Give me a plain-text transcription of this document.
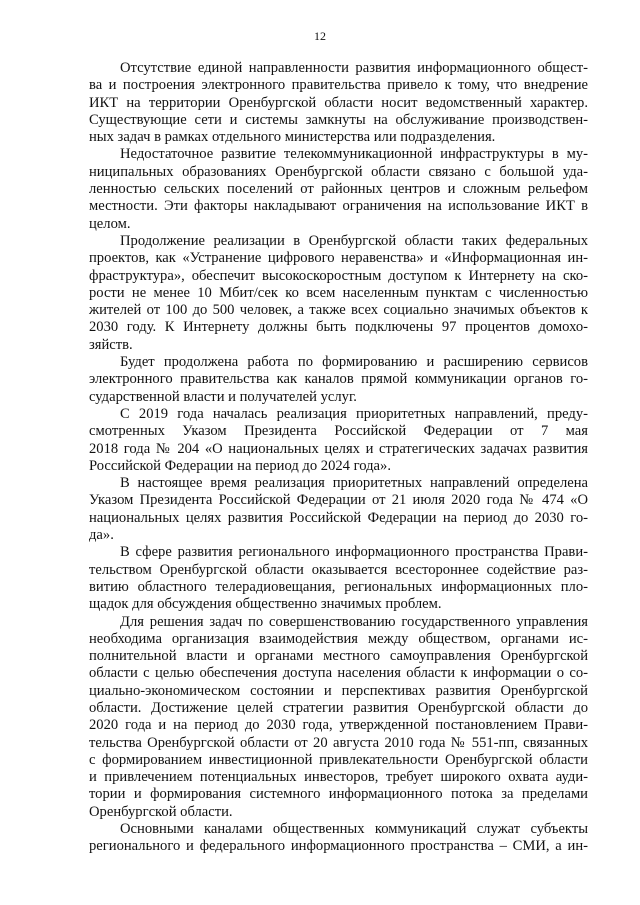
12

Отсутствие единой направленности развития информационного общест-
ва и построения электронного правительства привело к тому, что внедрение
ИКТ на территории Оренбургской области носит ведомственный характер.
Существующие сети и системы замкнуты на обслуживание производствен-
ных задач в рамках отдельного министерства или подразделения.

Недостаточное развитие телекоммуникационной инфраструктуры в му-
ниципальных образованиях Оренбургской области связано с большой уда-
ленностью сельских поселений от районных центров и сложным рельефом
местности. Эти факторы накладывают ограничения на использование ИКТ в
целом.

Продолжение реализации в Оренбургской области таких федеральных
проектов, как «Устранение цифрового неравенства» и «Информационная ин-
фраструктура», обеспечит высокоскоростным доступом к Интернету на ско-
рости не менее 10 Мбит/сек ко всем населенным пунктам с численностью
жителей от 100 до 500 человек, а также всех социально значимых объектов к
2030 году. К Интернету должны быть подключены 97 процентов домохо-
зяйств.

Будет продолжена работа по формированию и расширению сервисов
электронного правительства как каналов прямой коммуникации органов го-
сударственной власти и получателей услуг.

С 2019 года началась реализация приоритетных направлений, преду-
смотренных Указом Президента Российской Федерации от 7 мая
2018 года № 204 «О национальных целях и стратегических задачах развития
Российской Федерации на период до 2024 года».

В настоящее время реализация приоритетных направлений определена
Указом Президента Российской Федерации от 21 июля 2020 года № 474 «О
национальных целях развития Российской Федерации на период до 2030 го-
да».

В сфере развития регионального информационного пространства Прави-
тельством Оренбургской области оказывается всестороннее содействие раз-
витию областного телерадиовещания, региональных информационных пло-
щадок для обсуждения общественно значимых проблем.

Для решения задач по совершенствованию государственного управления
необходима организация взаимодействия между обществом, органами ис-
полнительной власти и органами местного самоуправления Оренбургской
области с целью обеспечения доступа населения области к информации о со-
циально-экономическом состоянии и перспективах развития Оренбургской
области. Достижение целей стратегии развития Оренбургской области до
2020 года и на период до 2030 года, утвержденной постановлением Прави-
тельства Оренбургской области от 20 августа 2010 года № 551-пп, связанных
с формированием инвестиционной привлекательности Оренбургской области
и привлечением потенциальных инвесторов, требует широкого охвата ауди-
тории и формирования системного информационного потока за пределами
Оренбургской области.

Основными каналами общественных коммуникаций служат субъекты
регионального и федерального информационного пространства – СМИ, а ин-
